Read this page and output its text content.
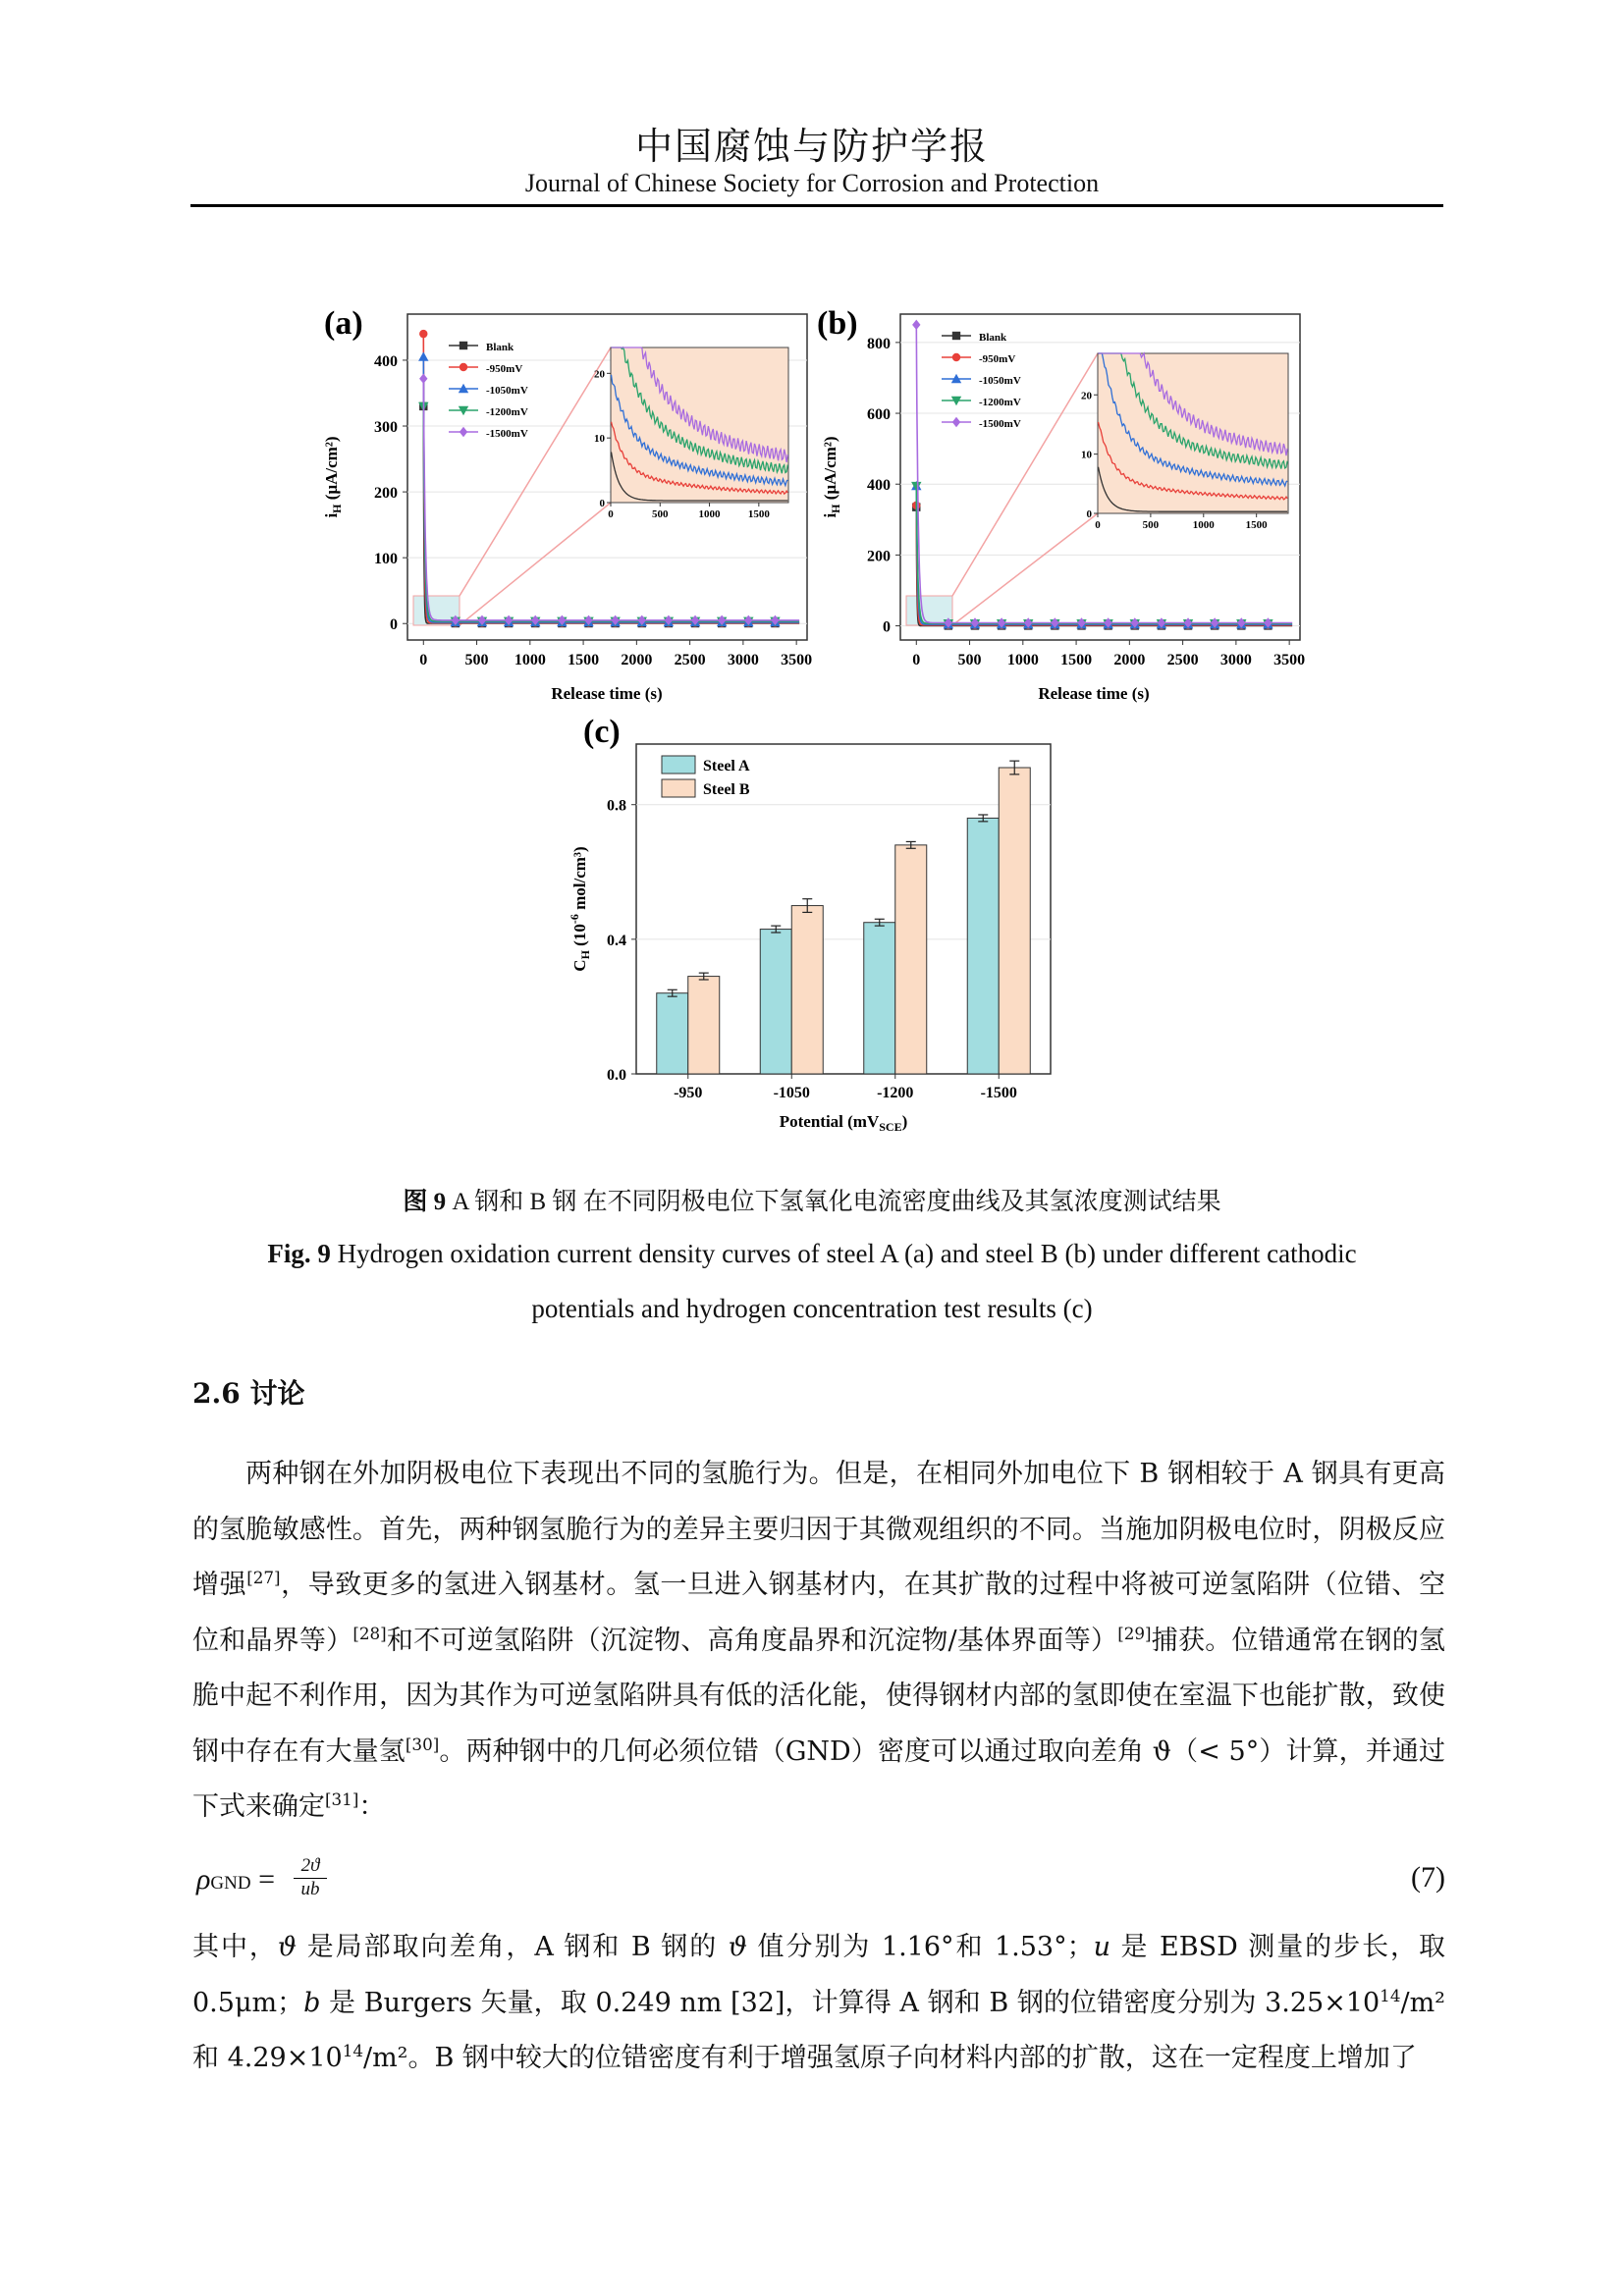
中国腐蚀与防护学报
Journal of Chinese Society for Corrosion and Protection
(a)
0
100
200
300
400
0 500 1000 1500 2000 2500 3000 3500
$i_H$ (μA/cm²)
Release time (s)
Blank
-950mV
-1050mV
-1200mV
-1500mV
0
10
20
0	500	1000	1500
(b)
0
200
400
600
800
0 500 1000 1500 2000 2500 3000 3500
$i_H$ (μA/cm²)
Release time (s)
Blank
-950mV
-1050mV
-1200mV
-1500mV
0
10
20
0	500	1000	1500
(c)
0.0
0.4
0.8
-950	-1050	-1200	-1500
$C_H$ ($10^{-6}$ mol/cm³)
Potential $(mV_{SCE})$
Steel A
Steel B
图 9 A 钢和 B 钢 在不同阴极电位下氢氧化电流密度曲线及其氢浓度测试结果
Fig. 9 Hydrogen oxidation current density curves of steel A (a) and steel B (b) under different cathodic
potentials and hydrogen concentration test results (c)
2.6 讨论
两种钢在外加阴极电位下表现出不同的氢脆行为。但是，在相同外加电位下 B 钢相较于 A 钢具有更高的氢脆敏感性。首先，两种钢氢脆行为的差异主要归因于其微观组织的不同。当施加阴极电位时，阴极反应增强[27]，导致更多的氢进入钢基材。氢一旦进入钢基材内，在其扩散的过程中将被可逆氢陷阱（位错、空位和晶界等）[28]和不可逆氢陷阱（沉淀物、高角度晶界和沉淀物/基体界面等）[29]捕获。位错通常在钢的氢脆中起不利作用，因为其作为可逆氢陷阱具有低的活化能，使得钢材内部的氢即使在室温下也能扩散，致使钢中存在有大量氢[30]。两种钢中的几何必须位错（GND）密度可以通过取向差角 ϑ（< 5°）计算，并通过下式来确定[31]：
ρGND =	2ϑ
ub	(7)
其中，ϑ 是局部取向差角，A 钢和 B 钢的 ϑ 值分别为 1.16°和 1.53°；u 是 EBSD 测量的步长，取 0.5μm；b 是 Burgers 矢量，取 0.249 nm [32]，计算得 A 钢和 B 钢的位错密度分别为 $3.25\times 10^{14}/m^2$ 和 $4.29\times 10^{14}/m^2$。B 钢中较大的位错密度有利于增强氢原子向材料内部的扩散，这在一定程度上增加了
